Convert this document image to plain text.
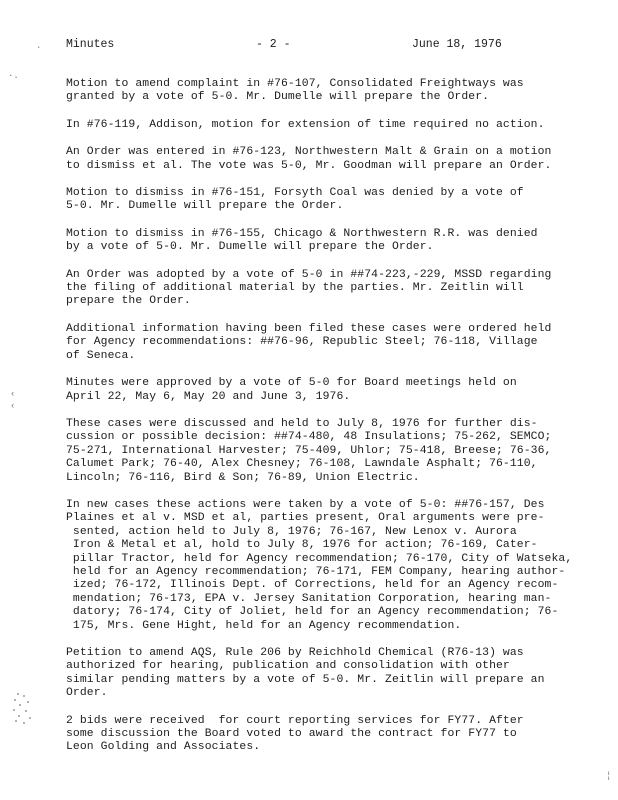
Minutes	- 2 -	June 18, 1976
·
·.
‹
‹
¦

Motion to amend complaint in #76-107, Consolidated Freightways was
granted by a vote of 5-0. Mr. Dumelle will prepare the Order.

In #76-119, Addison, motion for extension of time required no action.

An Order was entered in #76-123, Northwestern Malt & Grain on a motion
to dismiss et al. The vote was 5-0, Mr. Goodman will prepare an Order.

Motion to dismiss in #76-151, Forsyth Coal was denied by a vote of
5-0. Mr. Dumelle will prepare the Order.

Motion to dismiss in #76-155, Chicago & Northwestern R.R. was denied
by a vote of 5-0. Mr. Dumelle will prepare the Order.

An Order was adopted by a vote of 5-0 in ##74-223,-229, MSSD regarding
the filing of additional material by the parties. Mr. Zeitlin will
prepare the Order.

Additional information having been filed these cases were ordered held
for Agency recommendations: ##76-96, Republic Steel; 76-118, Village
of Seneca.

Minutes were approved by a vote of 5-0 for Board meetings held on
April 22, May 6, May 20 and June 3, 1976.

These cases were discussed and held to July 8, 1976 for further dis-
cussion or possible decision: ##74-480, 48 Insulations; 75-262, SEMCO;
75-271, International Harvester; 75-409, Uhlor; 75-418, Breese; 76-36,
Calumet Park; 76-40, Alex Chesney; 76-108, Lawndale Asphalt; 76-110,
Lincoln; 76-116, Bird & Son; 76-89, Union Electric.

In new cases these actions were taken by a vote of 5-0: ##76-157, Des
Plaines et al v. MSD et al, parties present, Oral arguments were pre-
sented, action held to July 8, 1976; 76-167, New Lenox v. Aurora
Iron & Metal et al, hold to July 8, 1976 for action; 76-169, Cater-
pillar Tractor, held for Agency recommendation; 76-170, City of Watseka,
held for an Agency recommendation; 76-171, FEM Company, hearing author-
ized; 76-172, Illinois Dept. of Corrections, held for an Agency recom-
mendation; 76-173, EPA v. Jersey Sanitation Corporation, hearing man-
datory; 76-174, City of Joliet, held for an Agency recommendation; 76-
175, Mrs. Gene Hight, held for an Agency recommendation.

Petition to amend AQS, Rule 206 by Reichhold Chemical (R76-13) was
authorized for hearing, publication and consolidation with other
similar pending matters by a vote of 5-0. Mr. Zeitlin will prepare an
Order.

2 bids were received  for court reporting services for FY77. After
some discussion the Board voted to award the contract for FY77 to
Leon Golding and Associates.
